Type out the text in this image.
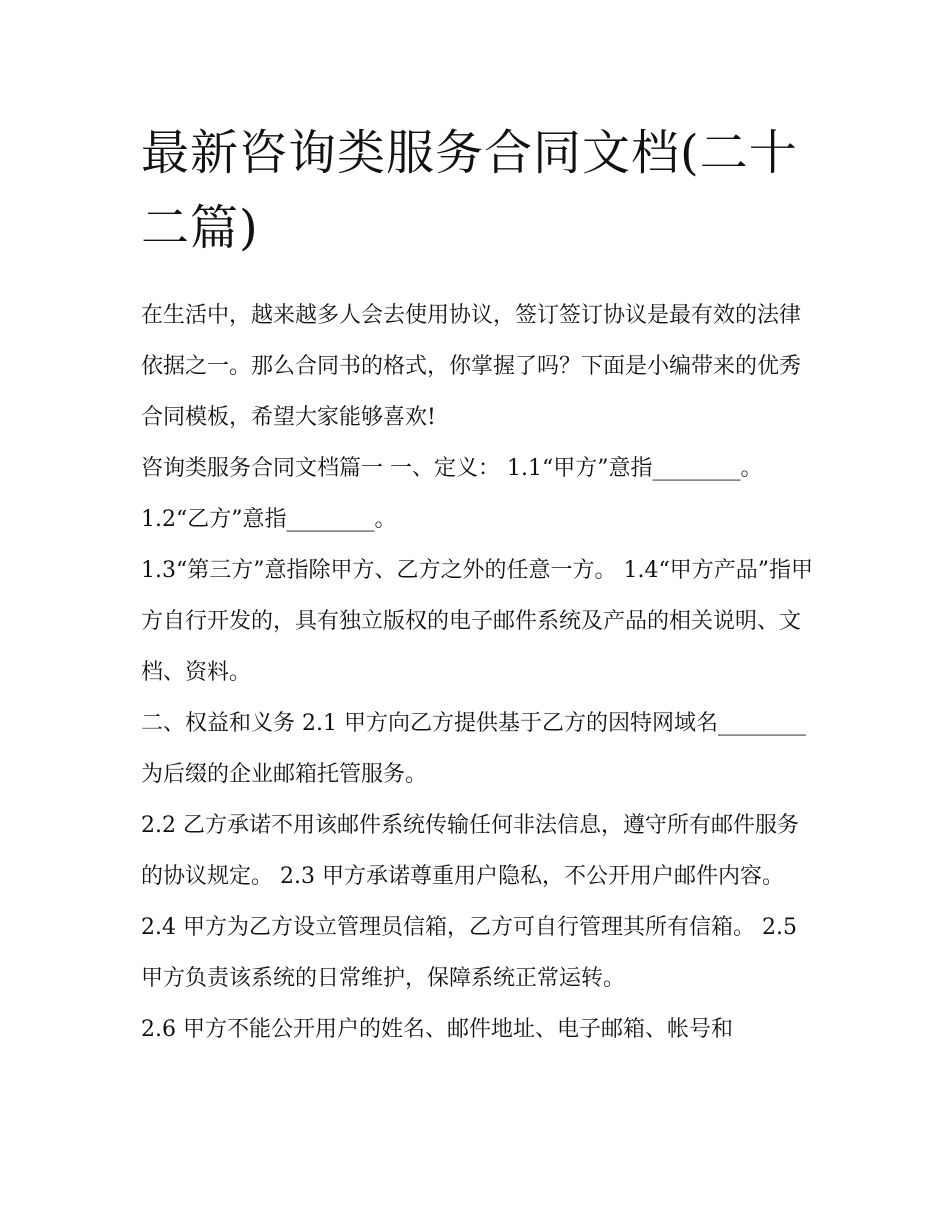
最新咨询类服务合同文档(二十二篇)

在生活中，越来越多人会去使用协议，签订签订协议是最有效的法律依据之一。那么合同书的格式，你掌握了吗？下面是小编带来的优秀合同模板，希望大家能够喜欢!

咨询类服务合同文档篇一 一、定义： 1.1“甲方”意指________。

1.2“乙方”意指________。

1.3“第三方”意指除甲方、乙方之外的任意一方。 1.4“甲方产品”指甲方自行开发的，具有独立版权的电子邮件系统及产品的相关说明、文档、资料。

二、权益和义务 2.1 甲方向乙方提供基于乙方的因特网域名________为后缀的企业邮箱托管服务。

2.2 乙方承诺不用该邮件系统传输任何非法信息，遵守所有邮件服务的协议规定。 2.3 甲方承诺尊重用户隐私，不公开用户邮件内容。

2.4 甲方为乙方设立管理员信箱，乙方可自行管理其所有信箱。 2.5 甲方负责该系统的日常维护，保障系统正常运转。

2.6 甲方不能公开用户的姓名、邮件地址、电子邮箱、帐号和
